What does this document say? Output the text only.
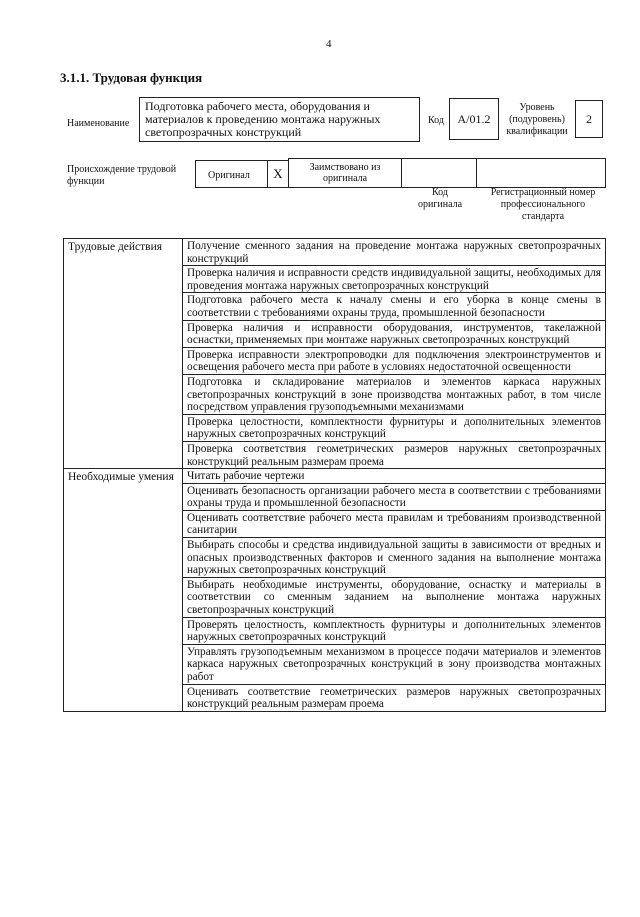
4
3.1.1. Трудовая функция
Наименование
Подготовка рабочего места, оборудования и материалов к проведению монтажа наружных светопрозрачных конструкций
Код	А/01.2
Уровень (подуровень) квалификации
2
Происхождение трудовой функции
Оригинал	X	Заимствовано из оригинала
Код оригинала
Регистрационный номер профессионального стандарта
Трудовые действия	Получение сменного задания на проведение монтажа наружных светопрозрачных конструкций
	Проверка наличия и исправности средств индивидуальной защиты, необходимых для проведения монтажа наружных светопрозрачных конструкций
	Подготовка рабочего места к началу смены и его уборка в конце смены в соответствии с требованиями охраны труда, промышленной безопасности
	Проверка наличия и исправности оборудования, инструментов, такелажной оснастки, применяемых при монтаже наружных светопрозрачных конструкций
	Проверка исправности электропроводки для подключения электроинструментов и освещения рабочего места при работе в условиях недостаточной освещенности
	Подготовка и складирование материалов и элементов каркаса наружных светопрозрачных конструкций в зоне производства монтажных работ, в том числе посредством управления грузоподъемными механизмами
	Проверка целостности, комплектности фурнитуры и дополнительных элементов наружных светопрозрачных конструкций
	Проверка соответствия геометрических размеров наружных светопрозрачных конструкций реальным размерам проема
Необходимые умения	Читать рабочие чертежи
	Оценивать безопасность организации рабочего места в соответствии с требованиями охраны труда и промышленной безопасности
	Оценивать соответствие рабочего места правилам и требованиям производственной санитарии
	Выбирать способы и средства индивидуальной защиты в зависимости от вредных и опасных производственных факторов и сменного задания на выполнение монтажа наружных светопрозрачных конструкций
	Выбирать необходимые инструменты, оборудование, оснастку и материалы в соответствии со сменным заданием на выполнение монтажа наружных светопрозрачных конструкций
	Проверять целостность, комплектность фурнитуры и дополнительных элементов наружных светопрозрачных конструкций
	Управлять грузоподъемным механизмом в процессе подачи материалов и элементов каркаса наружных светопрозрачных конструкций в зону производства монтажных работ
	Оценивать соответствие геометрических размеров наружных светопрозрачных конструкций реальным размерам проема
